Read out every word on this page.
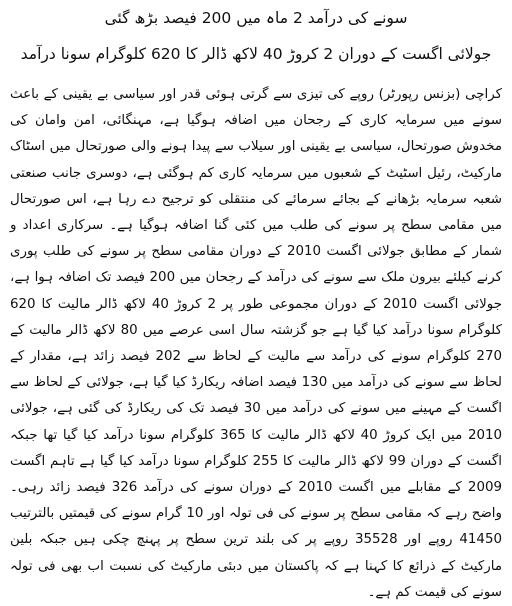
سونے کی درآمد 2 ماہ میں 200 فیصد بڑھ گئی
جولائی اگست کے دوران 2 کروڑ 40 لاکھ ڈالر کا 620 کلوگرام سونا درآمد

کراچی (بزنس رپورٹر) روپے کی تیزی سے گرتی ہوئی قدر اور سیاسی بے یقینی کے باعث سونے میں سرمایہ کاری کے رجحان میں اضافہ ہوگیا ہے، مہنگائی، امن وامان کی مخدوش صورتحال، سیاسی بے یقینی اور سیلاب سے پیدا ہونے والی صورتحال میں اسٹاک مارکیٹ، رئیل اسٹیٹ کے شعبوں میں سرمایہ کاری کم ہوگئی ہے، دوسری جانب صنعتی شعبہ سرمایہ بڑھانے کے بجائے سرمائے کی منتقلی کو ترجیح دے رہا ہے، اس صورتحال میں مقامی سطح پر سونے کی طلب میں کئی گنا اضافہ ہوگیا ہے۔ سرکاری اعداد و شمار کے مطابق جولائی اگست 2010 کے دوران مقامی سطح پر سونے کی طلب پوری کرنے کیلئے بیرون ملک سے سونے کی درآمد کے رجحان میں 200 فیصد تک اضافہ ہوا ہے، جولائی اگست 2010 کے دوران مجموعی طور پر 2 کروڑ 40 لاکھ ڈالر مالیت کا 620 کلوگرام سونا درآمد کیا گیا ہے جو گزشتہ سال اسی عرصے میں 80 لاکھ ڈالر مالیت کے 270 کلوگرام سونے کی درآمد سے مالیت کے لحاظ سے 202 فیصد زائد ہے، مقدار کے لحاظ سے سونے کی درآمد میں 130 فیصد اضافہ ریکارڈ کیا گیا ہے، جولائی کے لحاظ سے اگست کے مہینے میں سونے کی درآمد میں 30 فیصد تک کی ریکارڈ کی گئی ہے، جولائی 2010 میں ایک کروڑ 40 لاکھ ڈالر مالیت کا 365 کلوگرام سونا درآمد کیا گیا تھا جبکہ اگست کے دوران 99 لاکھ ڈالر مالیت کا 255 کلوگرام سونا درآمد کیا گیا ہے تاہم اگست 2009 کے مقابلے میں اگست 2010 کے دوران سونے کی درآمد 326 فیصد زائد رہی۔ واضح رہے کہ مقامی سطح پر سونے کی فی تولہ اور 10 گرام سونے کی قیمتیں بالترتیب 41450 روپے اور 35528 روپے پر کی بلند ترین سطح پر پہنچ چکی ہیں جبکہ بلین مارکیٹ کے ذرائع کا کہنا ہے کہ پاکستان میں دبئی مارکیٹ کی نسبت اب بھی فی تولہ سونے کی قیمت کم ہے۔
